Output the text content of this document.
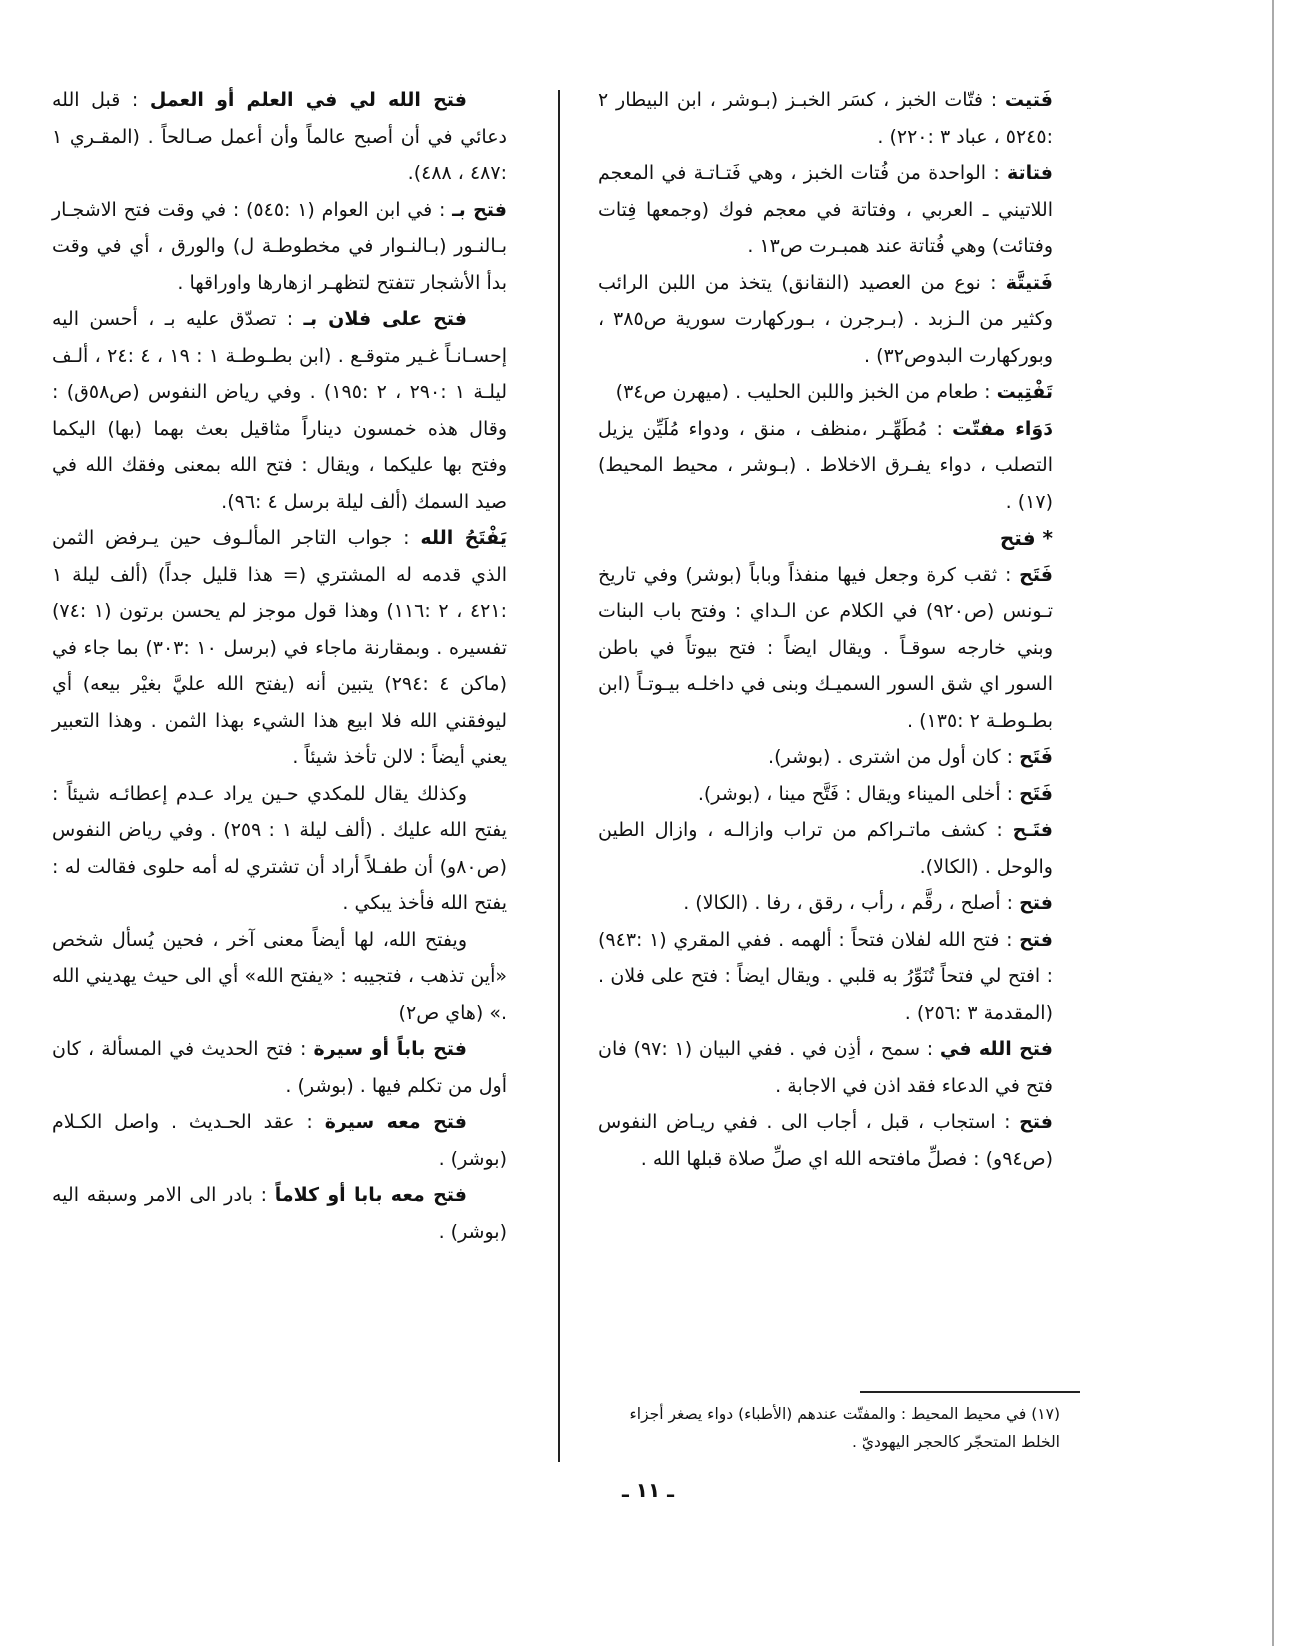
فَتيت : فتّات الخبز ، كسَر الخبـز (بـوشر ، ابن البيطار ٢ :٥٢٤٥ ، عباد ٣ :٢٢٠) .

فتاتة : الواحدة من فُتات الخبز ، وهي فَتـاتـة في المعجم اللاتيني ـ العربي ، وفتاتة في معجم فوك (وجمعها فِتات وفتائت) وهي فُتاتة عند همبـرت ص١٣ .

فَتيتَّة : نوع من العصيد (النقانق) يتخذ من اللبن الرائب وكثير من الـزبد . (بـرجرن ، بـوركهارت سورية ص٣٨٥ ، وبوركهارت البدوص٣٢) .

تَفْتِيت : طعام من الخبز واللبن الحليب . (ميهرن ص٣٤)

دَوَاء مفتّت : مُطَهِّـر ،منظف ، منق ، ودواء مُلَيِّن يزيل التصلب ، دواء يفـرق الاخلاط . (بـوشر ، محيط المحيط)(١٧) .

* فتح

فَتَح : ثقب كرة وجعل فيها منفذاً وباباً (بوشر) وفي تاريخ تـونس (ص٩٢٠) في الكلام عن الـداي : وفتح باب البنات وبني خارجه سوقـاً . ويقال ايضاً : فتح بيوتاً في باطن السور اي شق السور السميـك وبنى في داخلـه بيـوتـاً (ابن بطـوطـة ٢ :١٣٥) .

فَتَح : كان أول من اشترى . (بوشر).

فَتَح : أخلى الميناء ويقال : فَتَّح مينا ، (بوشر).

فتَـح : كشف ماتـراكم من تراب وازالـه ، وازال الطين والوحل . (الكالا).

فتح : أصلح ، رقَّم ، رأب ، رقق ، رفا . (الكالا) .

فتح : فتح الله لفلان فتحاً : ألهمه . ففي المقري (١ :٩٤٣) : افتح لي فتحاً تُنَوِّرُ به قلبي . ويقال ايضاً : فتح على فلان . (المقدمة ٣ :٢٥٦) .

فتح الله في : سمح ، أذِن في . ففي البيان (١ :٩٧) فان فتح في الدعاء فقد اذن في الاجابة .

فتح : استجاب ، قبل ، أجاب الى . ففي ريـاض النفوس (ص٩٤و) : فصلِّ مافتحه الله اي صلِّ صلاة قبلها الله .

فتح الله لي في العلم أو العمل : قبل الله دعائي في أن أصبح عالماً وأن أعمل صـالحاً . (المقـري ١ :٤٨٧ ، ٤٨٨).

فتح بـ : في ابن العوام (١ :٥٤٥) : في وقت فتح الاشجـار بـالنـور (بـالنـوار في مخطوطـة ل) والورق ، أي في وقت بدأ الأشجار تتفتح لتظهـر ازهارها واوراقها .

فتح على فلان بـ : تصدّق عليه بـ ، أحسن اليه إحسـانـاً غـير متوقـع . (ابن بطـوطـة ١ : ١٩ ، ٤ :٢٤ ، ألـف ليلـة ١ :٢٩٠ ، ٢ :١٩٥) . وفي رياض النفوس (ص٥٨ق) : وقال هذه خمسون ديناراً مثاقيل بعث بهما (بها) اليكما وفتح بها عليكما ، ويقال : فتح الله بمعنى وفقك الله في صيد السمك (ألف ليلة برسل ٤ :٩٦).

يَفْتَحُ الله : جواب التاجر المألـوف حين يـرفض الثمن الذي قدمه له المشتري (= هذا قليل جداً) (ألف ليلة ١ :٤٢١ ، ٢ :١١٦) وهذا قول موجز لم يحسن برتون (١ :٧٤) تفسيره . وبمقارنة ماجاء في (برسل ١٠ :٣٠٣) بما جاء في (ماكن ٤ :٢٩٤) يتبين أنه (يفتح الله عليَّ بغيْر بيعه) أي ليوفقني الله فلا ابيع هذا الشيء بهذا الثمن . وهذا التعبير يعني أيضاً : لالن تأخذ شيئاً .

وكذلك يقال للمكدي حـين يراد عـدم إعطائـه شيئاً : يفتح الله عليك . (ألف ليلة ١ : ٢٥٩) . وفي رياض النفوس (ص٨٠و) أن طفـلاً أراد أن تشتري له أمه حلوى فقالت له : يفتح الله فأخذ يبكي .

ويفتح الله، لها أيضاً معنى آخر ، فحين يُسأل شخص «أين تذهب ، فتجيبه : «يفتح الله» أي الى حيث يهديني الله .» (هاي ص٢)

فتح باباً أو سيرة : فتح الحديث في المسألة ، كان أول من تكلم فيها . (بوشر) .

فتح معه سيرة : عقد الحـديث . واصل الكـلام (بوشر) .

فتح معه بابا أو كلاماً : بادر الى الامر وسبقه اليه (بوشر) .

(١٧) في محيط المحيط : والمفتّت عندهم (الأطباء) دواء يصغر أجزاء الخلط المتحجّر كالحجر اليهوديّ .
ـ ١١ ـ
